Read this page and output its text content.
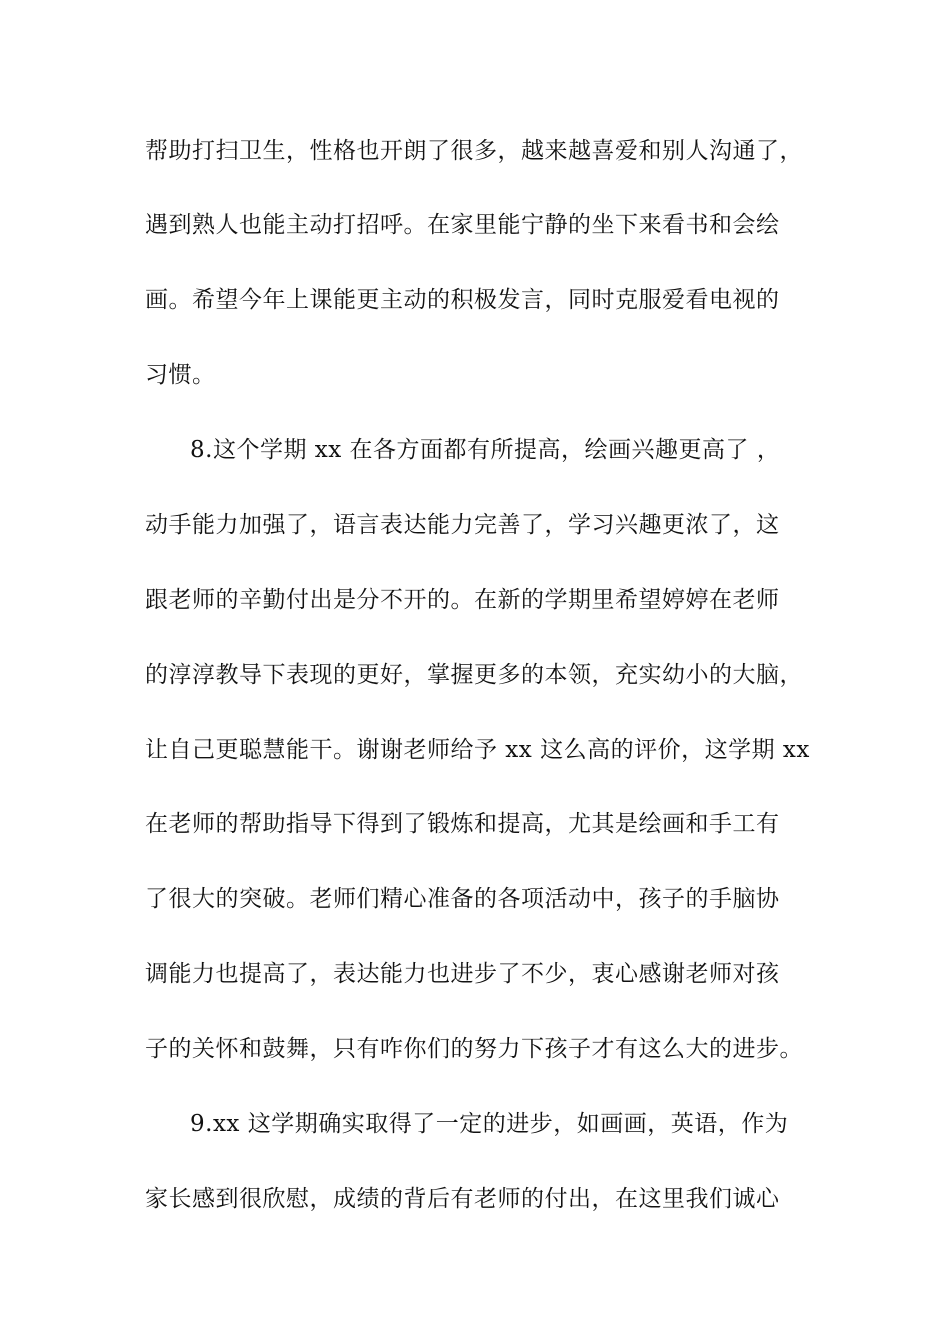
帮助打扫卫生，性格也开朗了很多，越来越喜爱和别人沟通了，
遇到熟人也能主动打招呼。在家里能宁静的坐下来看书和会绘
画。希望今年上课能更主动的积极发言，同时克服爱看电视的
习惯。
8.这个学期 xx 在各方面都有所提高，绘画兴趣更高了 ，
动手能力加强了，语言表达能力完善了，学习兴趣更浓了，这
跟老师的辛勤付出是分不开的。在新的学期里希望婷婷在老师
的淳淳教导下表现的更好，掌握更多的本领，充实幼小的大脑，
让自己更聪慧能干。谢谢老师给予 xx 这么高的评价，这学期 xx
在老师的帮助指导下得到了锻炼和提高，尤其是绘画和手工有
了很大的突破。老师们精心准备的各项活动中，孩子的手脑协
调能力也提高了，表达能力也进步了不少，衷心感谢老师对孩
子的关怀和鼓舞，只有咋你们的努力下孩子才有这么大的进步。
9.xx 这学期确实取得了一定的进步，如画画，英语，作为
家长感到很欣慰，成绩的背后有老师的付出，在这里我们诚心
